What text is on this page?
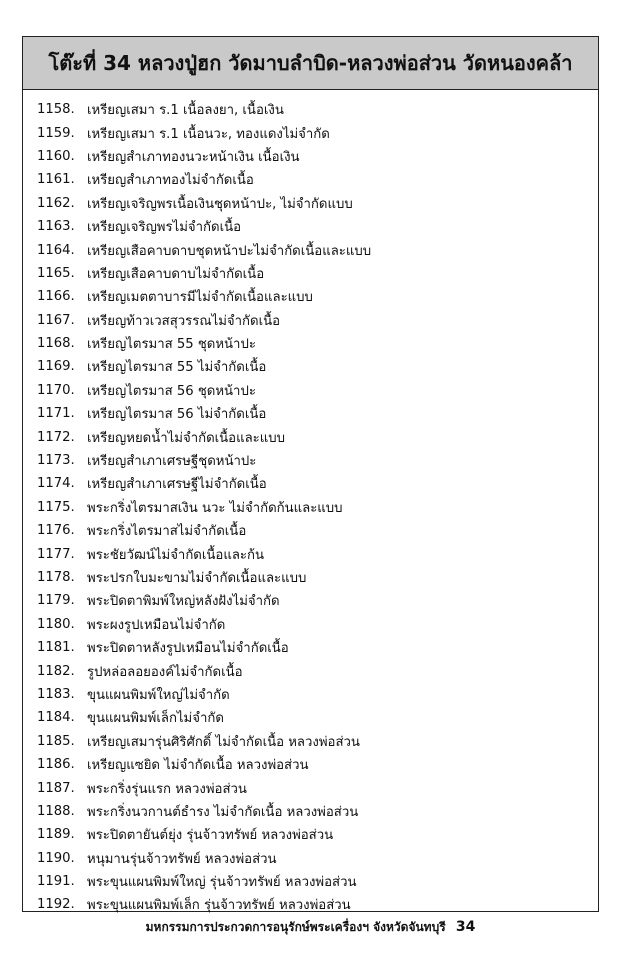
โต๊ะที่ 34 หลวงปู่ฮก วัดมาบลำบิด-หลวงพ่อส่วน วัดหนองคล้า
1158. เหรียญเสมา ร.1 เนื้อลงยา, เนื้อเงิน
1159. เหรียญเสมา ร.1 เนื้อนวะ, ทองแดงไม่จำกัด
1160. เหรียญสำเภาทองนวะหน้าเงิน เนื้อเงิน
1161. เหรียญสำเภาทองไม่จำกัดเนื้อ
1162. เหรียญเจริญพรเนื้อเงินชุดหน้าปะ, ไม่จำกัดแบบ
1163. เหรียญเจริญพรไม่จำกัดเนื้อ
1164. เหรียญเสือคาบดาบชุดหน้าปะไม่จำกัดเนื้อและแบบ
1165. เหรียญเสือคาบดาบไม่จำกัดเนื้อ
1166. เหรียญเมตตาบารมีไม่จำกัดเนื้อและแบบ
1167. เหรียญท้าวเวสสุวรรณไม่จำกัดเนื้อ
1168. เหรียญไตรมาส 55 ชุดหน้าปะ
1169. เหรียญไตรมาส 55 ไม่จำกัดเนื้อ
1170. เหรียญไตรมาส 56 ชุดหน้าปะ
1171. เหรียญไตรมาส 56 ไม่จำกัดเนื้อ
1172. เหรียญหยดน้ำไม่จำกัดเนื้อและแบบ
1173. เหรียญสำเภาเศรษฐีชุดหน้าปะ
1174. เหรียญสำเภาเศรษฐีไม่จำกัดเนื้อ
1175. พระกริ่งไตรมาสเงิน นวะ ไม่จำกัดก้นและแบบ
1176. พระกริ่งไตรมาสไม่จำกัดเนื้อ
1177. พระชัยวัฒน์ไม่จำกัดเนื้อและก้น
1178. พระปรกใบมะขามไม่จำกัดเนื้อและแบบ
1179. พระปิดตาพิมพ์ใหญ่หลังฝังไม่จำกัด
1180. พระผงรูปเหมือนไม่จำกัด
1181. พระปิดตาหลังรูปเหมือนไม่จำกัดเนื้อ
1182. รูปหล่อลอยองค์ไม่จำกัดเนื้อ
1183. ขุนแผนพิมพ์ใหญ่ไม่จำกัด
1184. ขุนแผนพิมพ์เล็กไม่จำกัด
1185. เหรียญเสมารุ่นศิริศักดิ์ ไม่จำกัดเนื้อ หลวงพ่อส่วน
1186. เหรียญแซยิด ไม่จำกัดเนื้อ หลวงพ่อส่วน
1187. พระกริ่งรุ่นแรก หลวงพ่อส่วน
1188. พระกริ่งนวกานต์ธำรง ไม่จำกัดเนื้อ หลวงพ่อส่วน
1189. พระปิดตายันต์ยุ่ง รุ่นจ้าวทรัพย์ หลวงพ่อส่วน
1190. หนุมานรุ่นจ้าวทรัพย์ หลวงพ่อส่วน
1191. พระขุนแผนพิมพ์ใหญ่ รุ่นจ้าวทรัพย์ หลวงพ่อส่วน
1192. พระขุนแผนพิมพ์เล็ก รุ่นจ้าวทรัพย์ หลวงพ่อส่วน
มหกรรมการประกวดการอนุรักษ์พระเครื่องฯ จังหวัดจันทบุรี 34
